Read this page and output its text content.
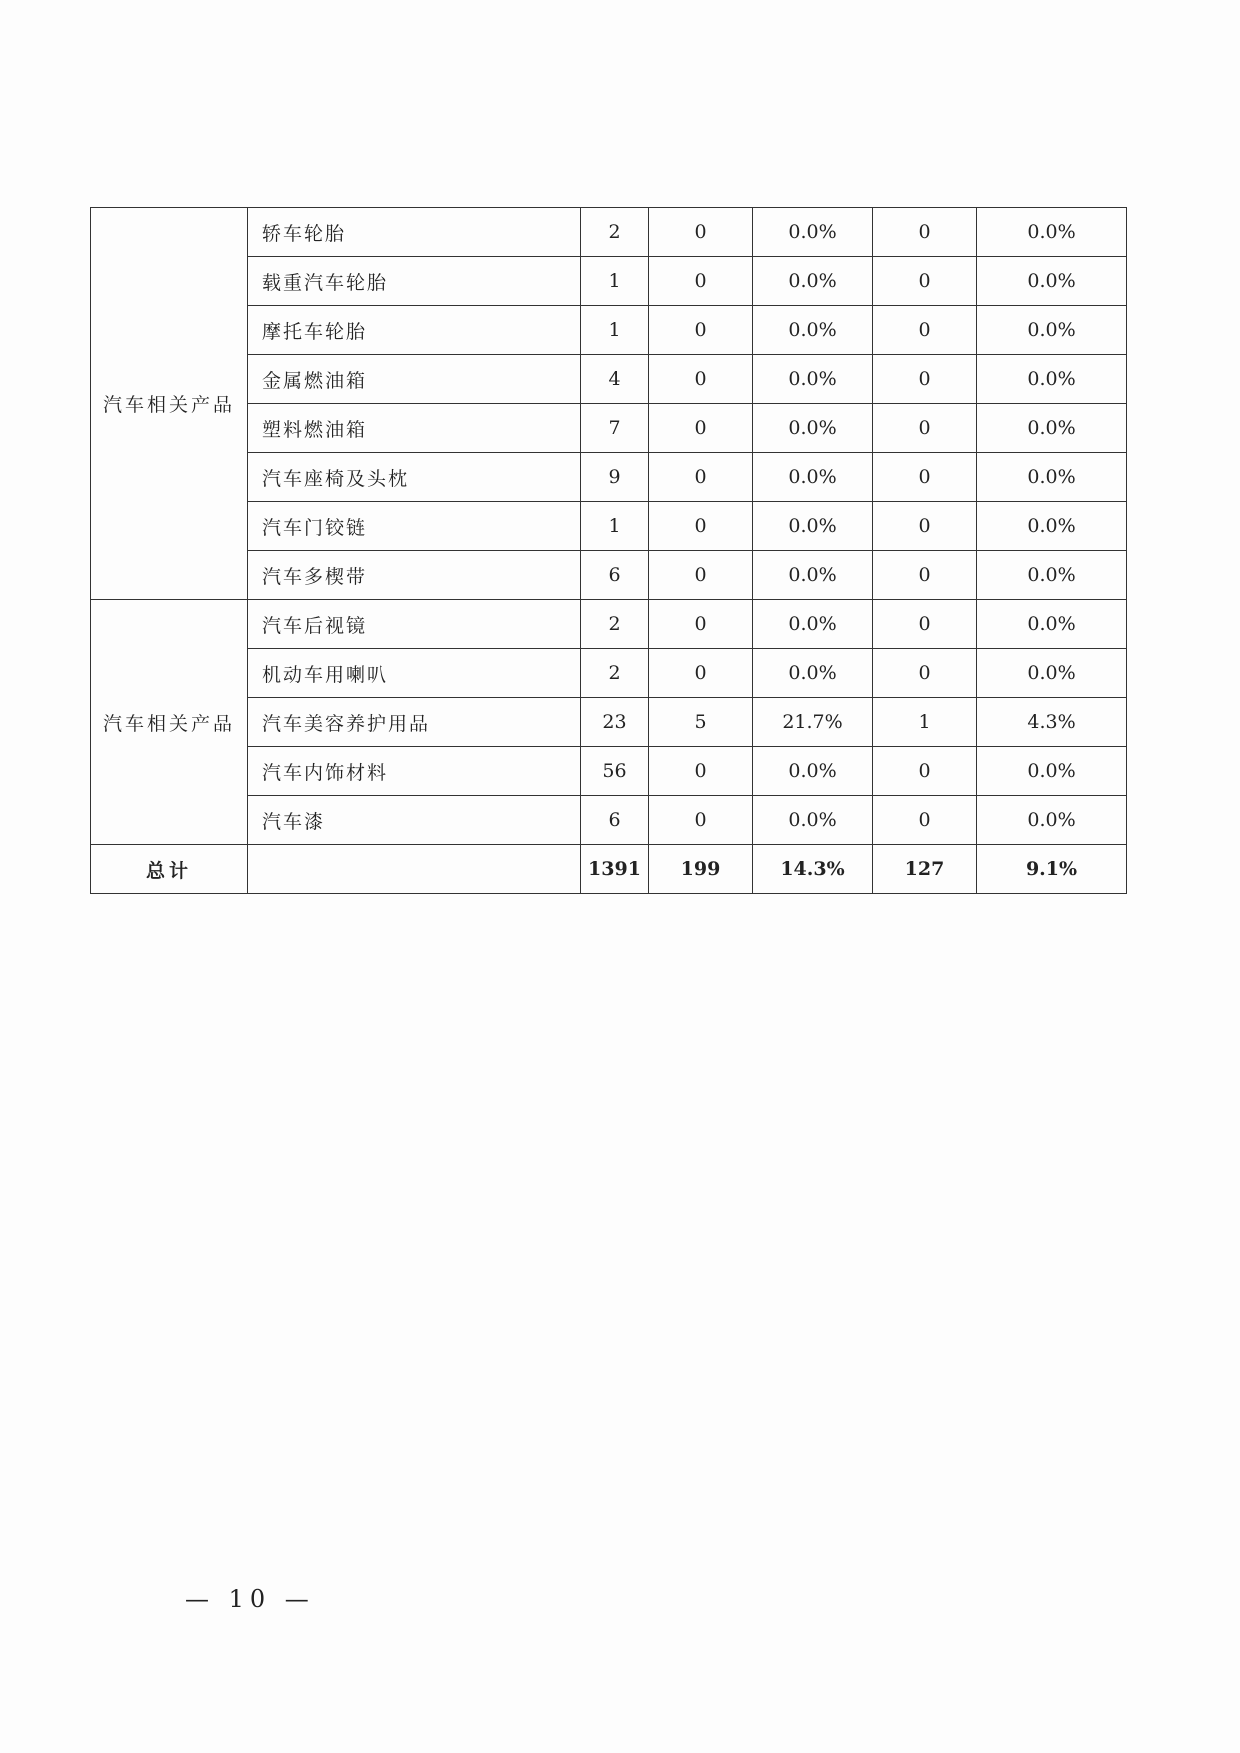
汽车相关产品	轿车轮胎	2	0	0.0%	0	0.0%
	载重汽车轮胎	1	0	0.0%	0	0.0%
	摩托车轮胎	1	0	0.0%	0	0.0%
	金属燃油箱	4	0	0.0%	0	0.0%
	塑料燃油箱	7	0	0.0%	0	0.0%
	汽车座椅及头枕	9	0	0.0%	0	0.0%
	汽车门铰链	1	0	0.0%	0	0.0%
	汽车多楔带	6	0	0.0%	0	0.0%
汽车相关产品	汽车后视镜	2	0	0.0%	0	0.0%
	机动车用喇叭	2	0	0.0%	0	0.0%
	汽车美容养护用品	23	5	21.7%	1	4.3%
	汽车内饰材料	56	0	0.0%	0	0.0%
	汽车漆	6	0	0.0%	0	0.0%
总计		1391	199	14.3%	127	9.1%
— 10 —
